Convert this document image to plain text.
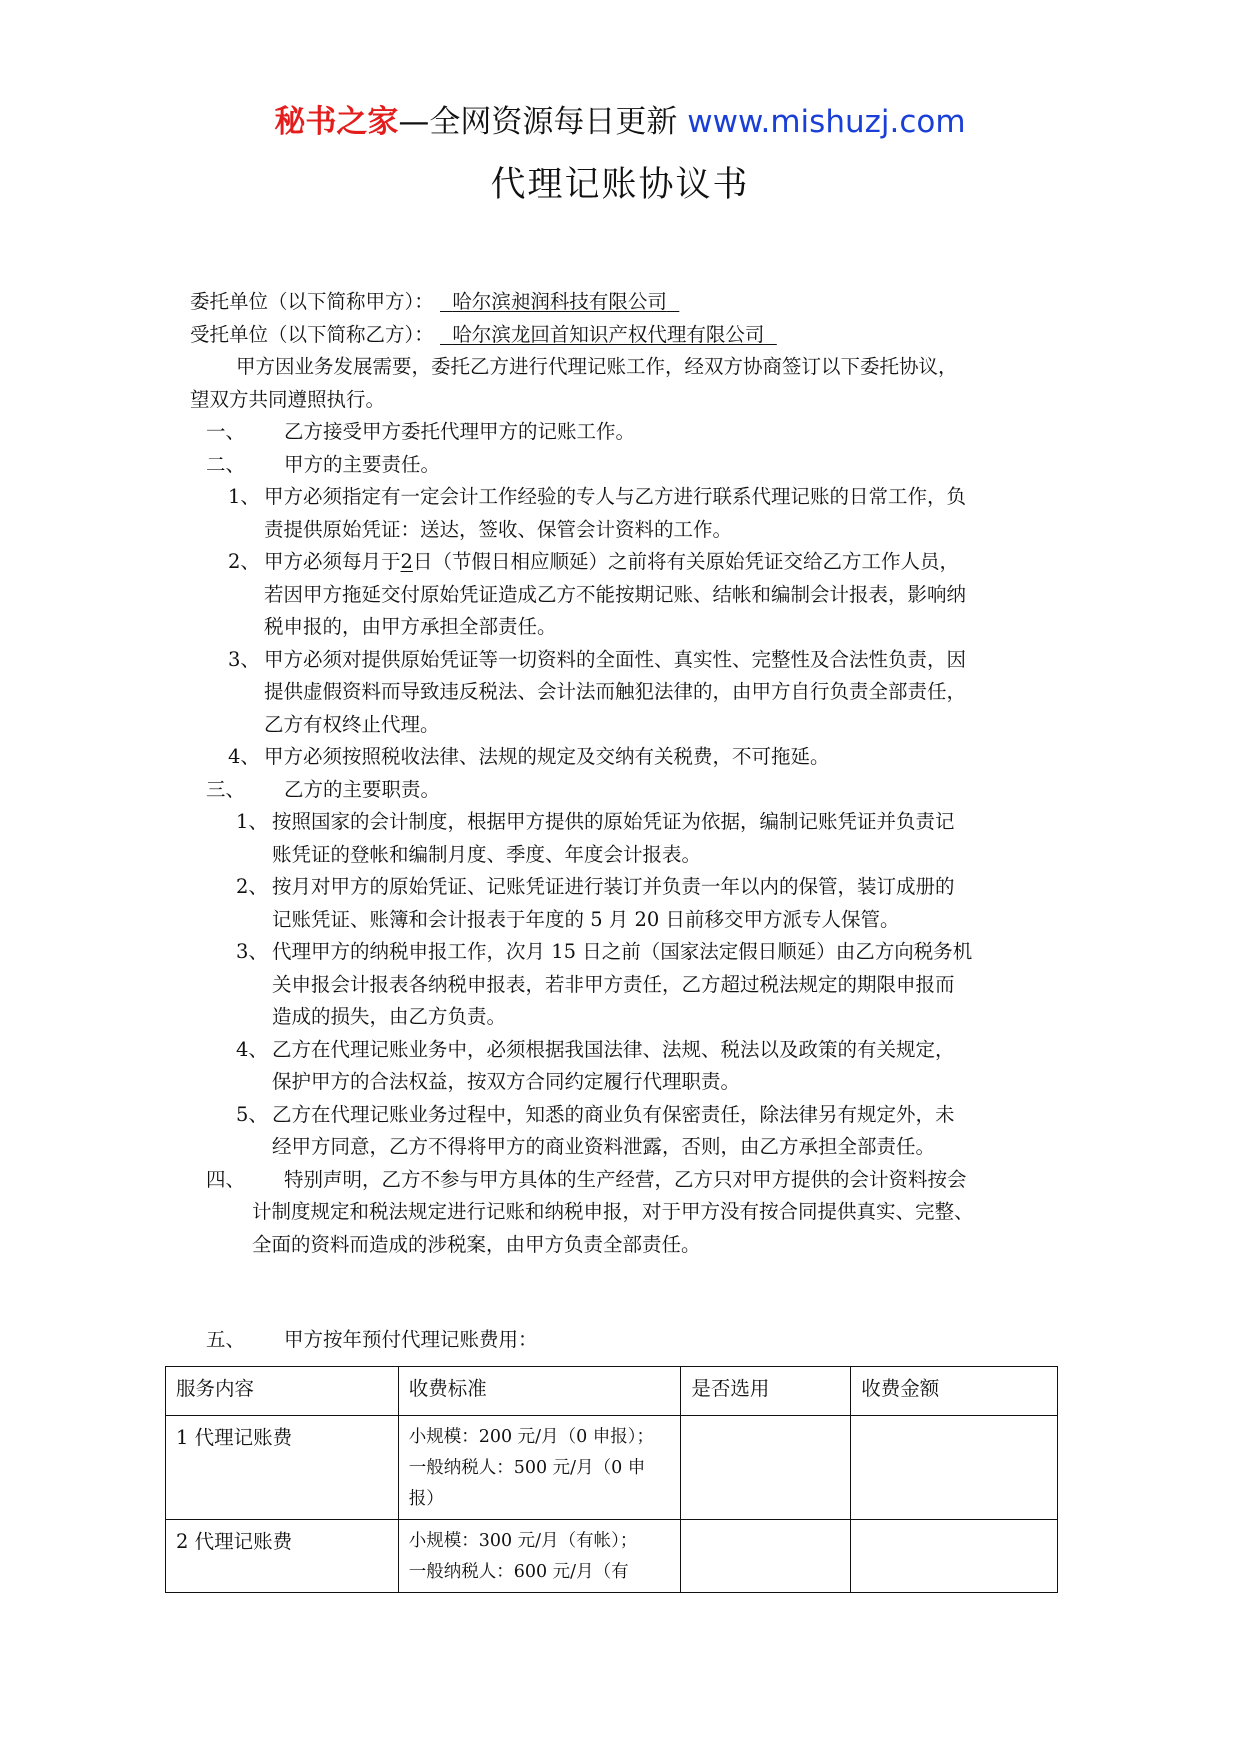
秘书之家—全网资源每日更新 www.mishuzj.com
代理记账协议书
委托单位（以下简称甲方）： 哈尔滨昶润科技有限公司
受托单位（以下简称乙方）： 哈尔滨龙回首知识产权代理有限公司
甲方因业务发展需要，委托乙方进行代理记账工作，经双方协商签订以下委托协议，
望双方共同遵照执行。
一、 乙方接受甲方委托代理甲方的记账工作。
二、 甲方的主要责任。
1、 甲方必须指定有一定会计工作经验的专人与乙方进行联系代理记账的日常工作，负
责提供原始凭证：送达，签收、保管会计资料的工作。
2、 甲方必须每月于2日（节假日相应顺延）之前将有关原始凭证交给乙方工作人员，
若因甲方拖延交付原始凭证造成乙方不能按期记账、结帐和编制会计报表，影响纳
税申报的，由甲方承担全部责任。
3、 甲方必须对提供原始凭证等一切资料的全面性、真实性、完整性及合法性负责，因
提供虚假资料而导致违反税法、会计法而触犯法律的，由甲方自行负责全部责任，
乙方有权终止代理。
4、 甲方必须按照税收法律、法规的规定及交纳有关税费，不可拖延。
三、 乙方的主要职责。
1、 按照国家的会计制度，根据甲方提供的原始凭证为依据，编制记账凭证并负责记
账凭证的登帐和编制月度、季度、年度会计报表。
2、 按月对甲方的原始凭证、记账凭证进行装订并负责一年以内的保管，装订成册的
记账凭证、账簿和会计报表于年度的 5 月 20 日前移交甲方派专人保管。
3、 代理甲方的纳税申报工作，次月 15 日之前（国家法定假日顺延）由乙方向税务机
关申报会计报表各纳税申报表，若非甲方责任，乙方超过税法规定的期限申报而
造成的损失，由乙方负责。
4、 乙方在代理记账业务中，必须根据我国法律、法规、税法以及政策的有关规定，
保护甲方的合法权益，按双方合同约定履行代理职责。
5、 乙方在代理记账业务过程中，知悉的商业负有保密责任，除法律另有规定外，未
经甲方同意，乙方不得将甲方的商业资料泄露，否则，由乙方承担全部责任。
四、 特别声明，乙方不参与甲方具体的生产经营，乙方只对甲方提供的会计资料按会
计制度规定和税法规定进行记账和纳税申报，对于甲方没有按合同提供真实、完整、
全面的资料而造成的涉税案，由甲方负责全部责任。
五、 甲方按年预付代理记账费用：
服务内容	收费标准	是否选用	收费金额
1 代理记账费	小规模：200 元/月（0 申报）；
一般纳税人：500 元/月（0 申
报）		

2 代理记账费	小规模：300 元/月（有帐）；
一般纳税人：600 元/月（有		
